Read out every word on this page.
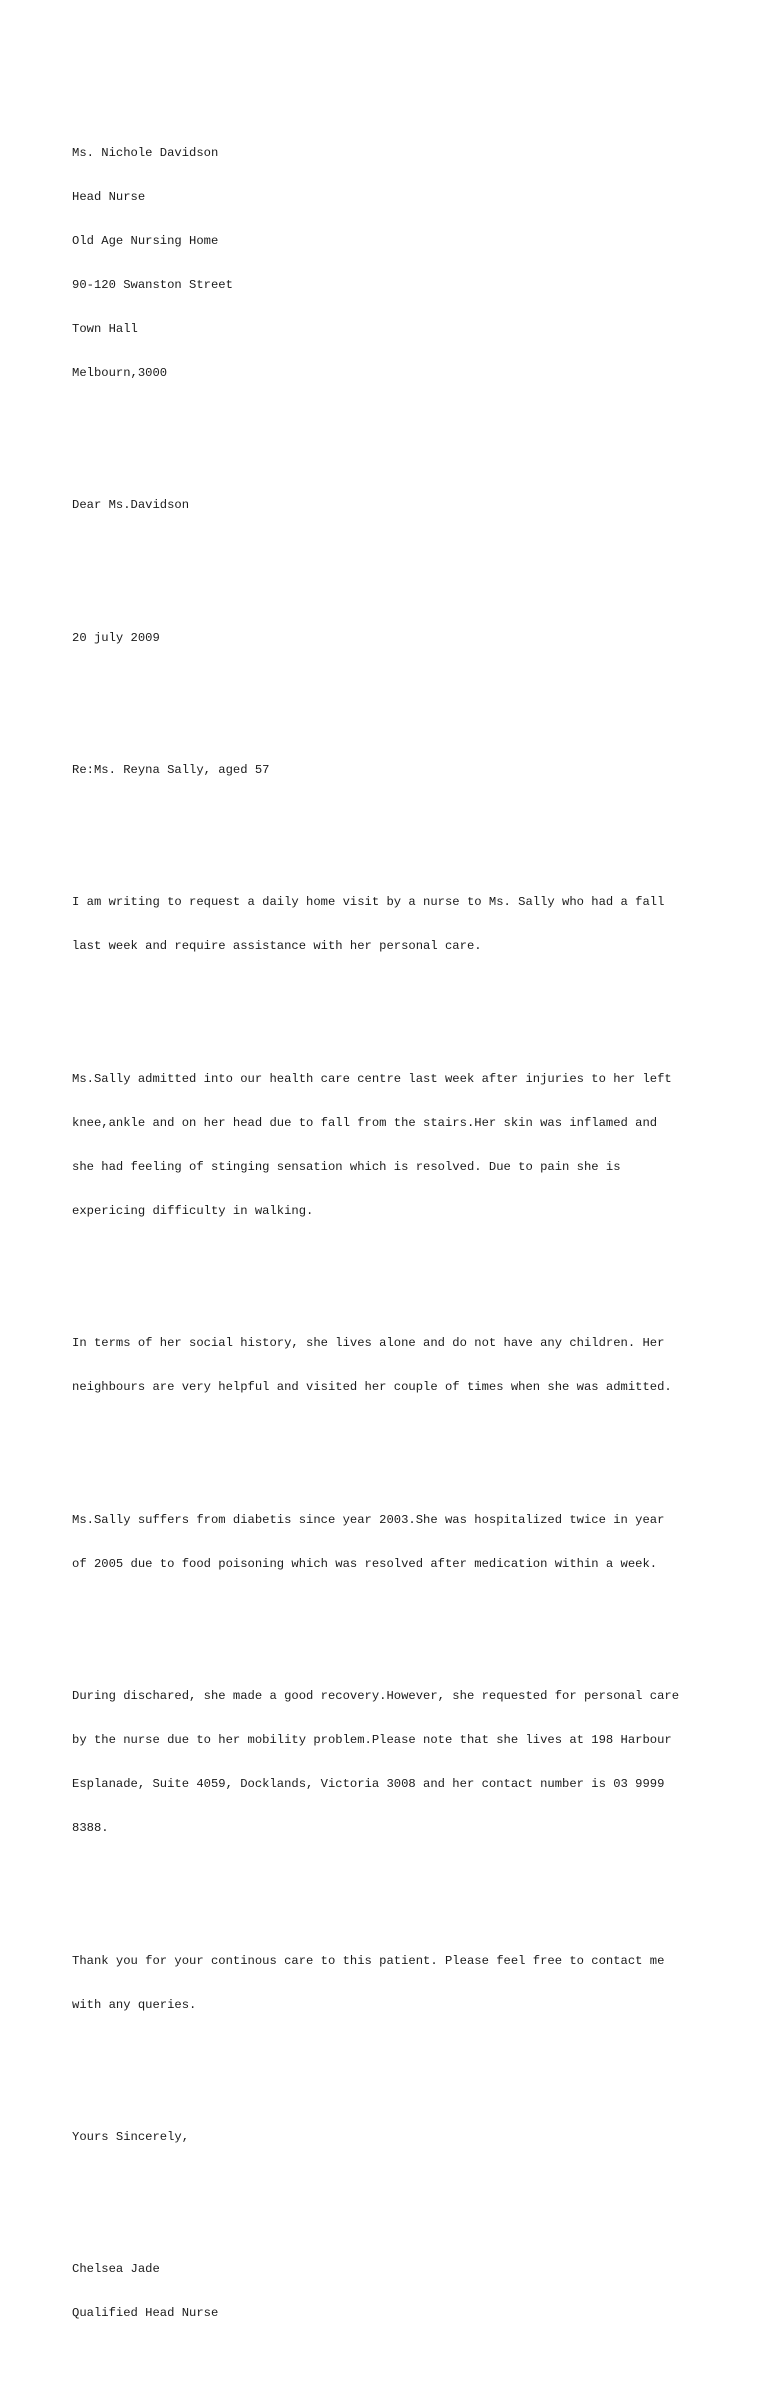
Ms. Nichole Davidson

Head Nurse

Old Age Nursing Home

90-120 Swanston Street

Town Hall

Melbourn,3000

Dear Ms.Davidson

20 july 2009

Re:Ms. Reyna Sally, aged 57

I am writing to request a daily home visit by a nurse to Ms. Sally who had a fall

last week and require assistance with her personal care.

Ms.Sally admitted into our health care centre last week after injuries to her left

knee,ankle and on her head due to fall from the stairs.Her skin was inflamed and

she had feeling of stinging sensation which is resolved. Due to pain she is

expericing difficulty in walking.

In terms of her social history, she lives alone and do not have any children. Her

neighbours are very helpful and visited her couple of times when she was admitted.

Ms.Sally suffers from diabetis since year 2003.She was hospitalized twice in year

of 2005 due to food poisoning which was resolved after medication within a week.

During dischared, she made a good recovery.However, she requested for personal care

by the nurse due to her mobility problem.Please note that she lives at 198 Harbour

Esplanade, Suite 4059, Docklands, Victoria 3008 and her contact number is 03 9999

8388.

Thank you for your continous care to this patient. Please feel free to contact me

with any queries.

Yours Sincerely,

Chelsea Jade

Qualified Head Nurse
